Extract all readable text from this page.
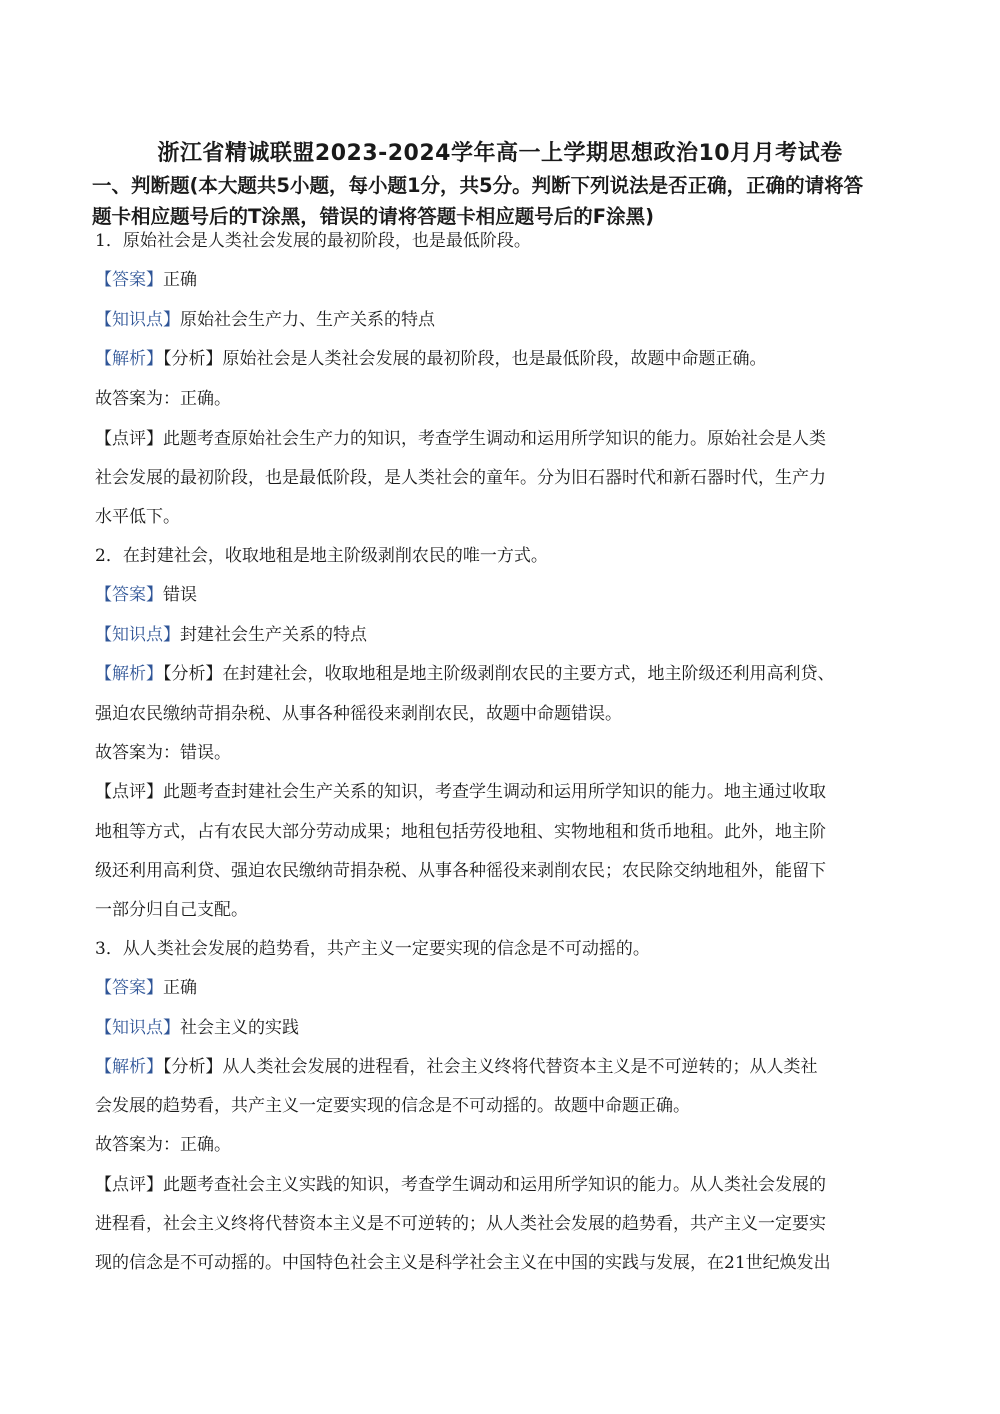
浙江省精诚联盟2023-2024学年高一上学期思想政治10月月考试卷
一、判断题(本大题共5小题，每小题1分，共5分。判断下列说法是否正确，正确的请将答
题卡相应题号后的T涂黑，错误的请将答题卡相应题号后的F涂黑)
1．原始社会是人类社会发展的最初阶段，也是最低阶段。
【答案】正确
【知识点】原始社会生产力、生产关系的特点
【解析】【分析】原始社会是人类社会发展的最初阶段，也是最低阶段，故题中命题正确。
故答案为：正确。
【点评】此题考查原始社会生产力的知识，考查学生调动和运用所学知识的能力。原始社会是人类
社会发展的最初阶段，也是最低阶段，是人类社会的童年。分为旧石器时代和新石器时代，生产力
水平低下。
2．在封建社会，收取地租是地主阶级剥削农民的唯一方式。
【答案】错误
【知识点】封建社会生产关系的特点
【解析】【分析】在封建社会，收取地租是地主阶级剥削农民的主要方式，地主阶级还利用高利贷、
强迫农民缴纳苛捐杂税、从事各种徭役来剥削农民，故题中命题错误。
故答案为：错误。
【点评】此题考查封建社会生产关系的知识，考查学生调动和运用所学知识的能力。地主通过收取
地租等方式，占有农民大部分劳动成果；地租包括劳役地租、实物地租和货币地租。此外，地主阶
级还利用高利贷、强迫农民缴纳苛捐杂税、从事各种徭役来剥削农民；农民除交纳地租外，能留下
一部分归自己支配。
3．从人类社会发展的趋势看，共产主义一定要实现的信念是不可动摇的。
【答案】正确
【知识点】社会主义的实践
【解析】【分析】从人类社会发展的进程看，社会主义终将代替资本主义是不可逆转的；从人类社
会发展的趋势看，共产主义一定要实现的信念是不可动摇的。故题中命题正确。
故答案为：正确。
【点评】此题考查社会主义实践的知识，考查学生调动和运用所学知识的能力。从人类社会发展的
进程看，社会主义终将代替资本主义是不可逆转的；从人类社会发展的趋势看，共产主义一定要实
现的信念是不可动摇的。中国特色社会主义是科学社会主义在中国的实践与发展，在21世纪焕发出
